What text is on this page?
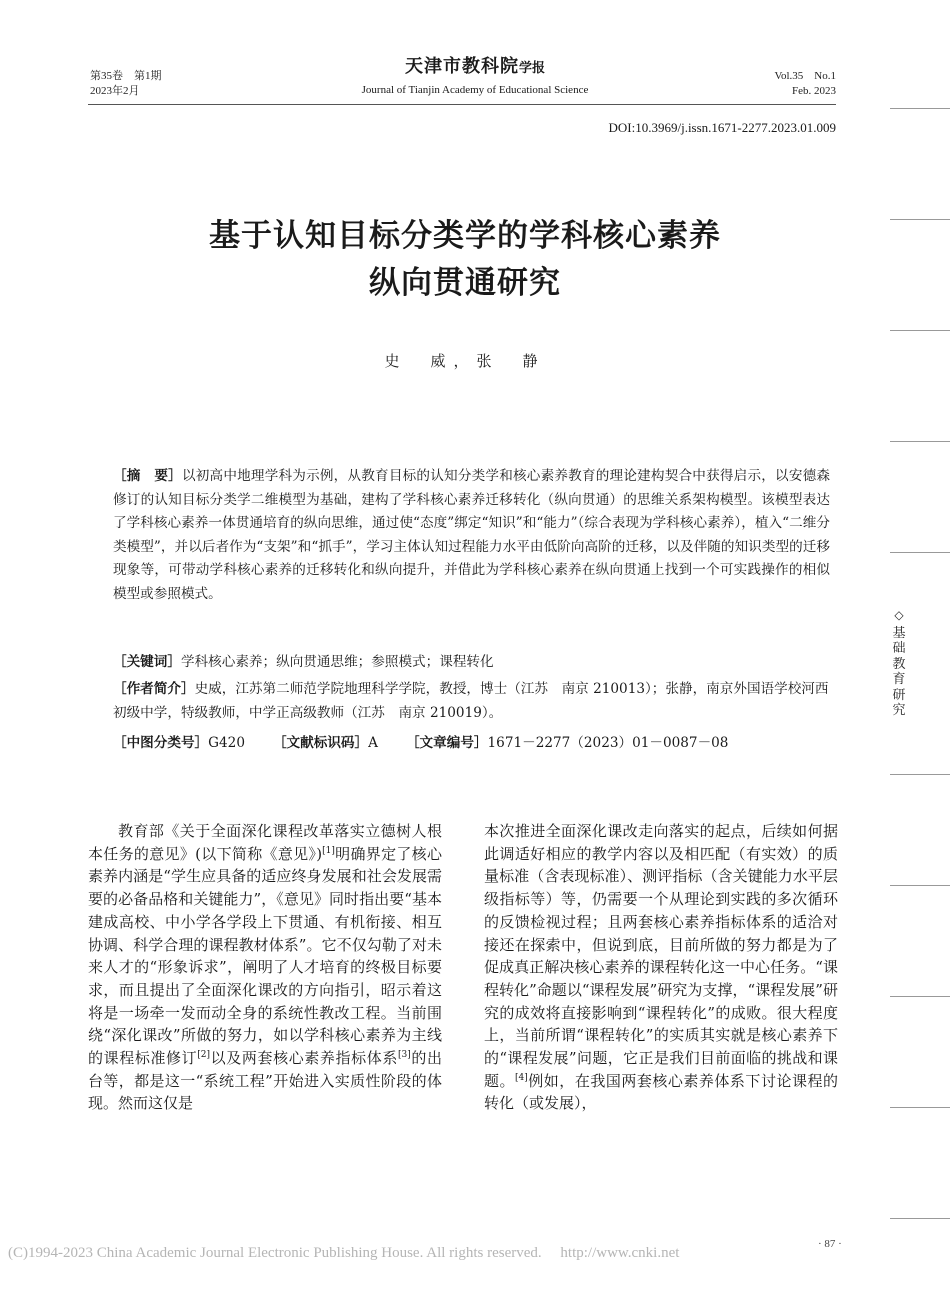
第35卷　第1期
2023年2月
天津市教科院学报
Journal of Tianjin Academy of Educational Science
Vol.35　No.1
Feb. 2023
DOI:10.3969/j.issn.1671-2277.2023.01.009
基于认知目标分类学的学科核心素养
纵向贯通研究
史　威，张　静

［摘　要］以初高中地理学科为示例，从教育目标的认知分类学和核心素养教育的理论建构契合中获得启示，以安德森修订的认知目标分类学二维模型为基础，建构了学科核心素养迁移转化（纵向贯通）的思维关系架构模型。该模型表达了学科核心素养一体贯通培育的纵向思维，通过使“态度”绑定“知识”和“能力”（综合表现为学科核心素养），植入“二维分类模型”，并以后者作为“支架”和“抓手”，学习主体认知过程能力水平由低阶向高阶的迁移，以及伴随的知识类型的迁移现象等，可带动学科核心素养的迁移转化和纵向提升，并借此为学科核心素养在纵向贯通上找到一个可实践操作的相似模型或参照模式。

［关键词］学科核心素养；纵向贯通思维；参照模式；课程转化
［作者简介］史威，江苏第二师范学院地理科学学院，教授，博士（江苏　南京 210013）；张静，南京外国语学校河西初级中学，特级教师，中学正高级教师（江苏　南京 210019）。
［中图分类号］G420 ［文献标识码］A ［文章编号］1671－2277（2023）01－0087－08

教育部《关于全面深化课程改革落实立德树人根本任务的意见》(以下简称《意见》)[1]明确界定了核心素养内涵是“学生应具备的适应终身发展和社会发展需要的必备品格和关键能力”，《意见》同时指出要“基本建成高校、中小学各学段上下贯通、有机衔接、相互协调、科学合理的课程教材体系”。它不仅勾勒了对未来人才的“形象诉求”，阐明了人才培育的终极目标要求，而且提出了全面深化课改的方向指引，昭示着这将是一场牵一发而动全身的系统性教改工程。当前围绕“深化课改”所做的努力，如以学科核心素养为主线的课程标准修订[2]以及两套核心素养指标体系[3]的出台等，都是这一“系统工程”开始进入实质性阶段的体现。然而这仅是

本次推进全面深化课改走向落实的起点，后续如何据此调适好相应的教学内容以及相匹配（有实效）的质量标准（含表现标准）、测评指标（含关键能力水平层级指标等）等，仍需要一个从理论到实践的多次循环的反馈检视过程；且两套核心素养指标体系的适洽对接还在探索中，但说到底，目前所做的努力都是为了促成真正解决核心素养的课程转化这一中心任务。“课程转化”命题以“课程发展”研究为支撑，“课程发展”研究的成效将直接影响到“课程转化”的成败。很大程度上，当前所谓“课程转化”的实质其实就是核心素养下的“课程发展”问题，它正是我们目前面临的挑战和课题。[4]例如，在我国两套核心素养体系下讨论课程的转化（或发展），

◇
基
础
教
育
研
究
(C)1994-2023 China Academic Journal Electronic Publishing House. All rights reserved.　 http://www.cnki.net
· 87 ·
